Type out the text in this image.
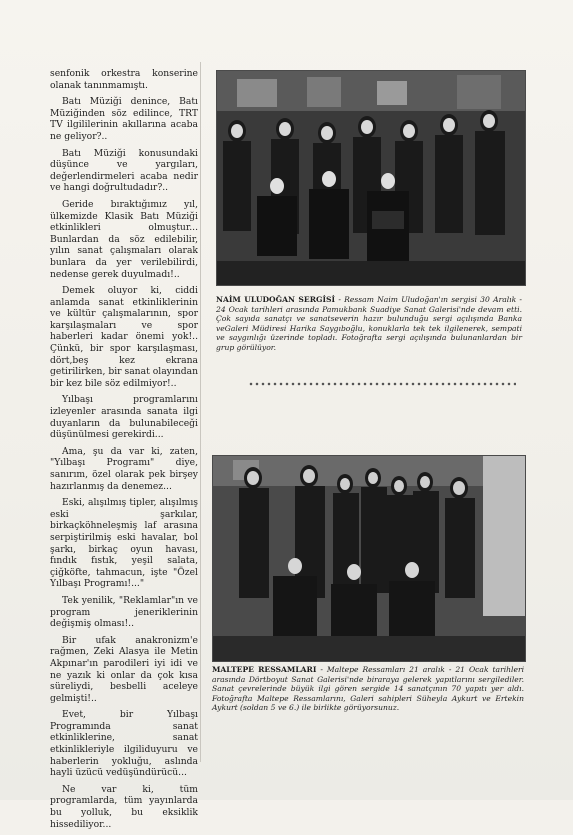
senfonik orkestra konserine olanak tanınmamıştı.

Batı Müziği denince, Batı Müziğinden söz edilince, TRT TV ilgililerinin akıllarına acaba ne geliyor?..

Batı Müziği konusundaki düşünce ve yargıları, değerlendirmeleri acaba nedir ve hangi doğrultudadır?..

Geride bıraktığımız yıl, ülkemizde Klasik Batı Müziği etkinlikleri olmuştur... Bunlardan da söz edilebilir, yılın sanat çalışmaları olarak bunlara da yer verilebilirdi, nedense gerek duyulmadı!..

Demek oluyor ki, ciddi anlamda sanat etkinliklerinin ve kültür çalışmalarının, spor karşılaşmaları ve spor haberleri kadar önemi yok!.. Çünkü, bir spor karşılaşması, dört,beş kez ekrana getirilirken, bir sanat olayından bir kez bile söz edilmiyor!..

Yılbaşı programlarını izleyenler arasında sanata ilgi duyanların da bulunabileceği düşünülmesi gerekirdi...

Ama, şu da var ki, zaten, "Yılbaşı Programı" diye, sanırım, özel olarak pek birşey hazırlanmış da denemez...

Eski, alışılmış tipler, alışılmış eski şarkılar, birkaçköhneleşmiş laf arasına serpiştirilmiş eski havalar, bol şarkı, birkaç oyun havası, fındık fıstık, yeşil salata, çiğköfte, tahmacun, işte "Özel Yılbaşı Programı!..."

Tek yenilik, "Reklamlar"ın ve program jeneriklerinin değişmiş olması!..

Bir ufak anakronizm'e rağmen, Zeki Alasya ile Metin Akpınar'ın parodileri iyi idi ve ne yazık ki onlar da çok kısa süreliydi, besbelli aceleye gelmişti!..

Evet, bir Yılbaşı Programında sanat etkinliklerine, sanat etkinlikleriyle ilgiliduyuru ve haberlerin yokluğu, aslında hayli üzücü vedüşündürücü...

Ne var ki, tüm programlarda, tüm yayınlarda bu yolluk, bu eksiklik hissediliyor...

NAİM ULUDOĞAN SERGİSİ - Ressam Naim Uludoğan'ın sergisi 30 Aralık - 24 Ocak tarihleri arasında Pamukbank Suadiye Sanat Galerisi'nde devam etti. Çok sayıda sanatçı ve sanatseverin hazır bulunduğu sergi açılışında Banka veGaleri Müdiresi Harika Saygıboğlu, konuklarla tek tek ilgilenerek, sempati ve saygınlığı üzerinde topladı. Fotoğrafta sergi açılışında bulunanlardan bir grup görülüyor.
MALTEPE RESSAMLARI - Maltepe Ressamları 21 aralık - 21 Ocak tarihleri arasında Dörtboyut Sanat Galerisi'nde biraraya gelerek yapıtlarını sergilediler. Sanat çevrelerinde büyük ilgi gören sergide 14 sanatçının 70 yapıtı yer aldı. Fotoğrafta Maltepe Ressamlarını, Galeri sahipleri Süheyla Aykurt ve Ertekin Aykurt (soldan 5 ve 6.) ile birlikte görüyorsunuz.
